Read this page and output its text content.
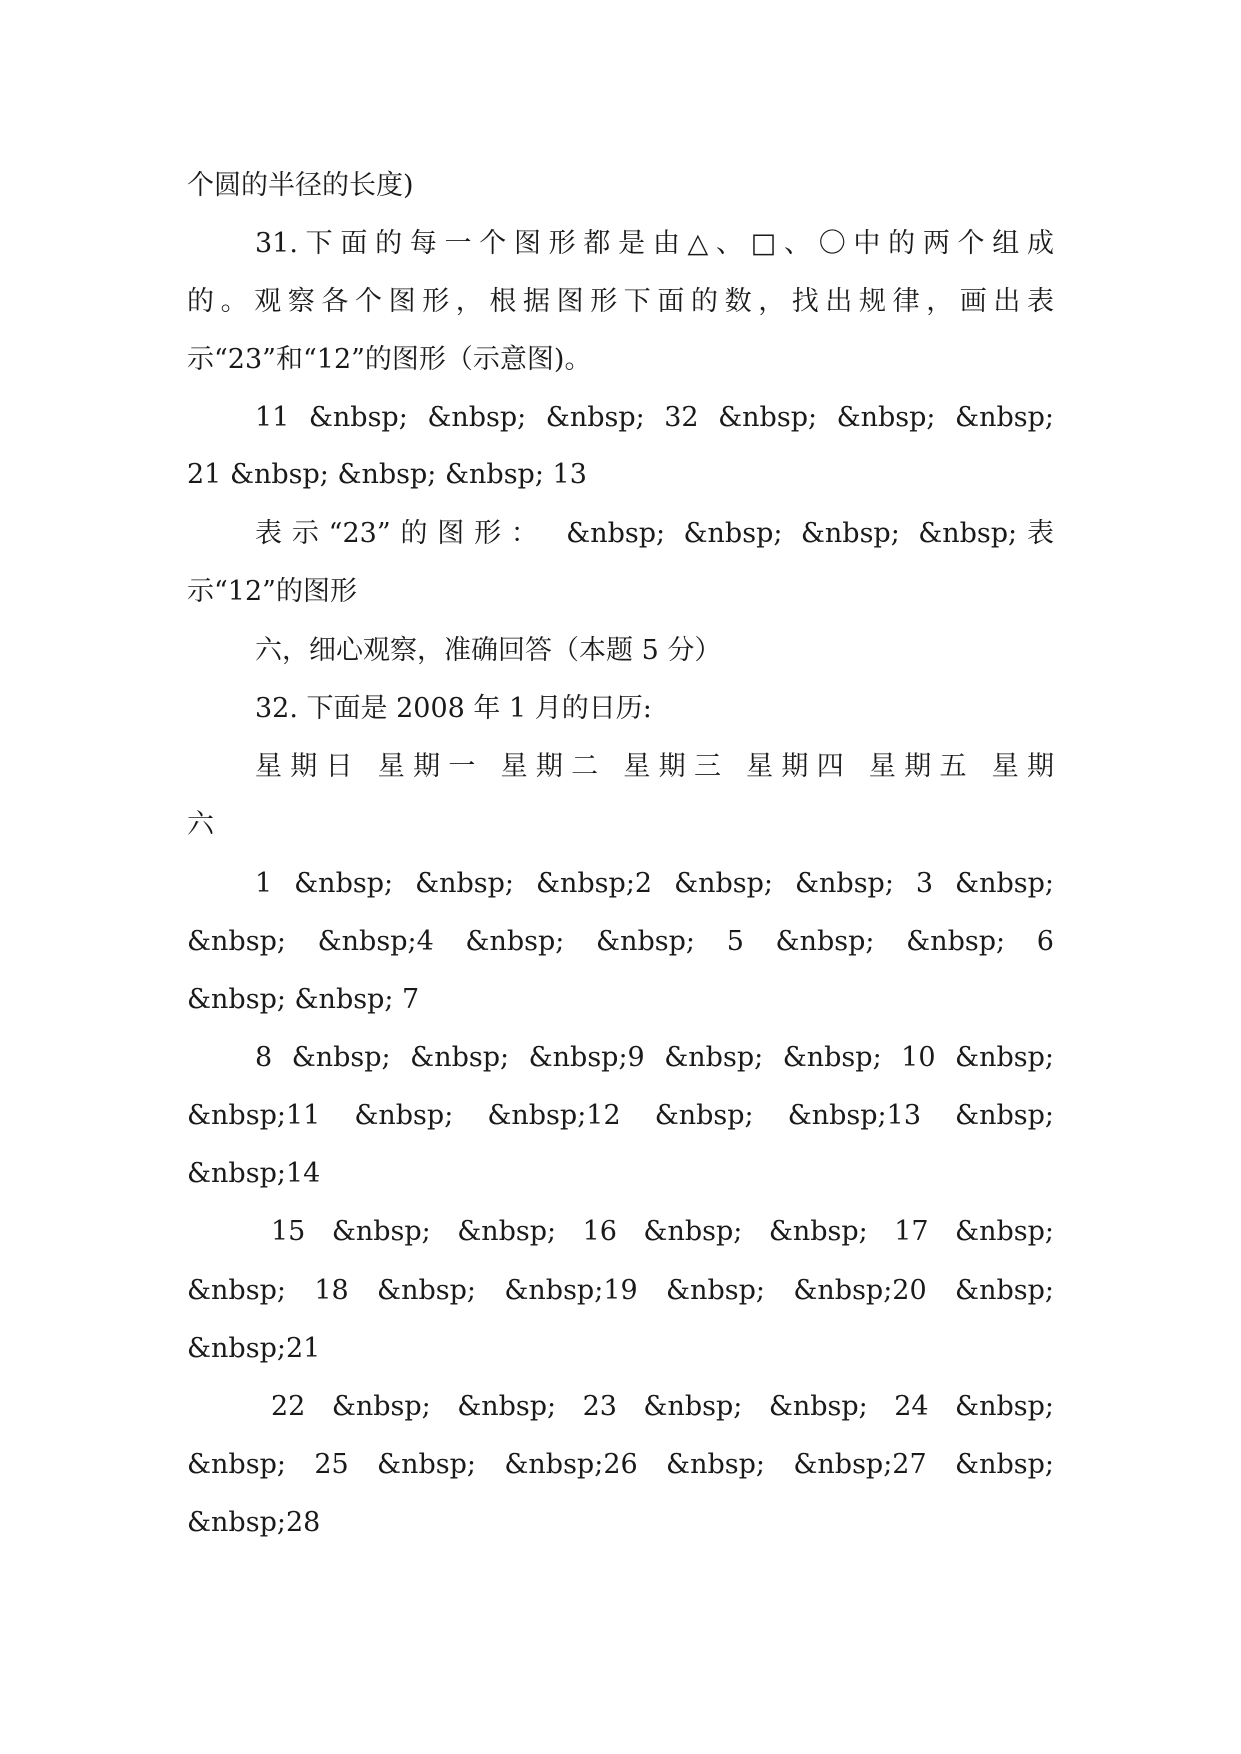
个圆的半径的长度)
31.下面的每一个图形都是由△、□、〇中的两个组成
的。观察各个图形，根据图形下面的数，找出规律，画出表
示“23”和“12”的图形（示意图)。
11 &nbsp; &nbsp; &nbsp; 32 &nbsp; &nbsp; &nbsp;
21 &nbsp; &nbsp; &nbsp; 13
表示“23”的图形： &nbsp; &nbsp; &nbsp; &nbsp;表
示“12”的图形
六，细心观察，准确回答（本题 5 分）
32. 下面是 2008 年 1 月的日历:
星期日 星期一 星期二 星期三 星期四 星期五 星期
六
1 &nbsp; &nbsp; &nbsp;2 &nbsp; &nbsp; 3 &nbsp;
&nbsp; &nbsp;4 &nbsp; &nbsp; 5 &nbsp; &nbsp; 6
&nbsp; &nbsp; 7
8 &nbsp; &nbsp; &nbsp;9 &nbsp; &nbsp; 10 &nbsp;
&nbsp;11 &nbsp; &nbsp;12 &nbsp; &nbsp;13 &nbsp;
&nbsp;14
15 &nbsp; &nbsp; 16 &nbsp; &nbsp; 17 &nbsp;
&nbsp; 18 &nbsp; &nbsp;19 &nbsp; &nbsp;20 &nbsp;
&nbsp;21
22 &nbsp; &nbsp; 23 &nbsp; &nbsp; 24 &nbsp;
&nbsp; 25 &nbsp; &nbsp;26 &nbsp; &nbsp;27 &nbsp;
&nbsp;28
